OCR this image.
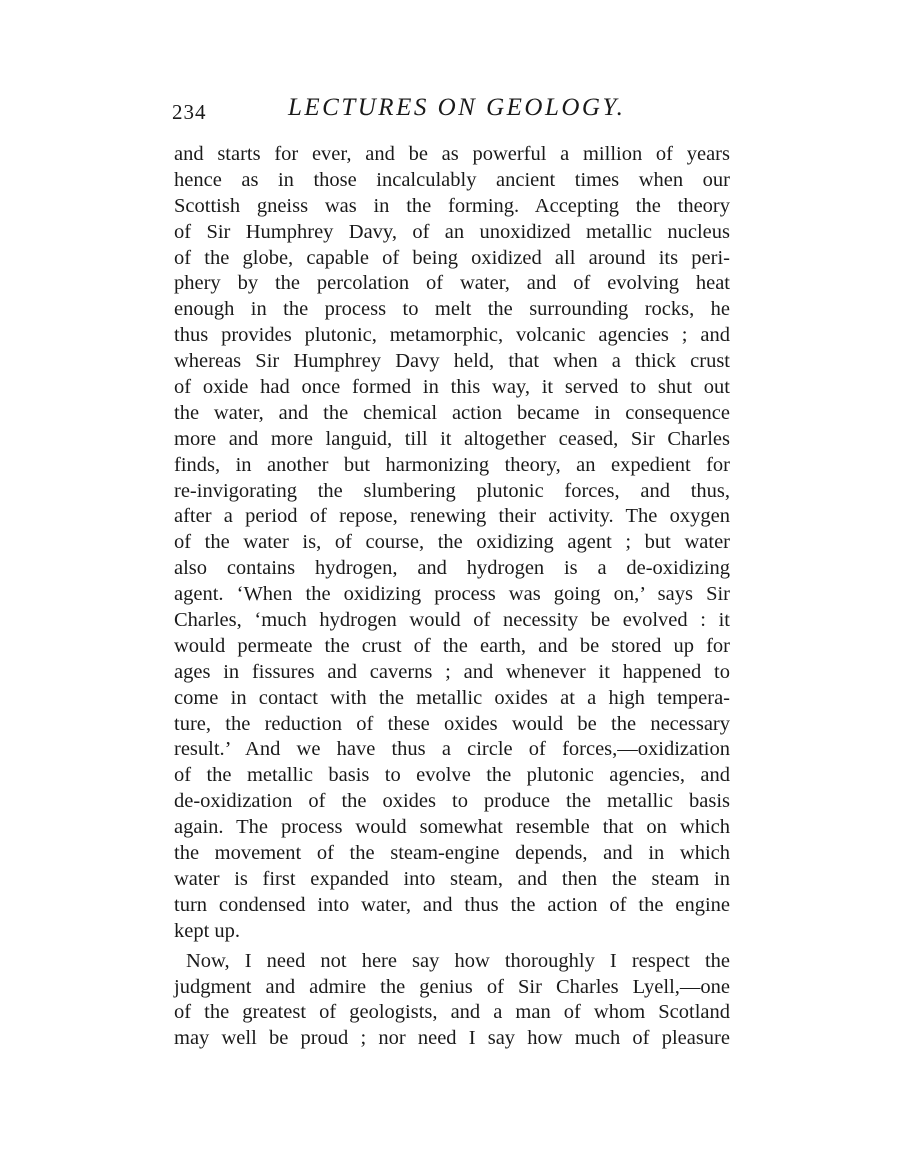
234	LECTURES ON GEOLOGY.
and starts for ever, and be as powerful a million of years
hence as in those incalculably ancient times when our
Scottish gneiss was in the forming. Accepting the theory
of Sir Humphrey Davy, of an unoxidized metallic nucleus
of the globe, capable of being oxidized all around its peri-
phery by the percolation of water, and of evolving heat
enough in the process to melt the surrounding rocks, he
thus provides plutonic, metamorphic, volcanic agencies ; and
whereas Sir Humphrey Davy held, that when a thick crust
of oxide had once formed in this way, it served to shut out
the water, and the chemical action became in consequence
more and more languid, till it altogether ceased, Sir Charles
finds, in another but harmonizing theory, an expedient for
re-invigorating the slumbering plutonic forces, and thus,
after a period of repose, renewing their activity. The oxygen
of the water is, of course, the oxidizing agent ; but water
also contains hydrogen, and hydrogen is a de-oxidizing
agent. ‘When the oxidizing process was going on,’ says Sir
Charles, ‘much hydrogen would of necessity be evolved : it
would permeate the crust of the earth, and be stored up for
ages in fissures and caverns ; and whenever it happened to
come in contact with the metallic oxides at a high tempera-
ture, the reduction of these oxides would be the necessary
result.’ And we have thus a circle of forces,—oxidization
of the metallic basis to evolve the plutonic agencies, and
de-oxidization of the oxides to produce the metallic basis
again. The process would somewhat resemble that on which
the movement of the steam-engine depends, and in which
water is first expanded into steam, and then the steam in
turn condensed into water, and thus the action of the engine
kept up.
Now, I need not here say how thoroughly I respect the
judgment and admire the genius of Sir Charles Lyell,—one
of the greatest of geologists, and a man of whom Scotland
may well be proud ; nor need I say how much of pleasure
